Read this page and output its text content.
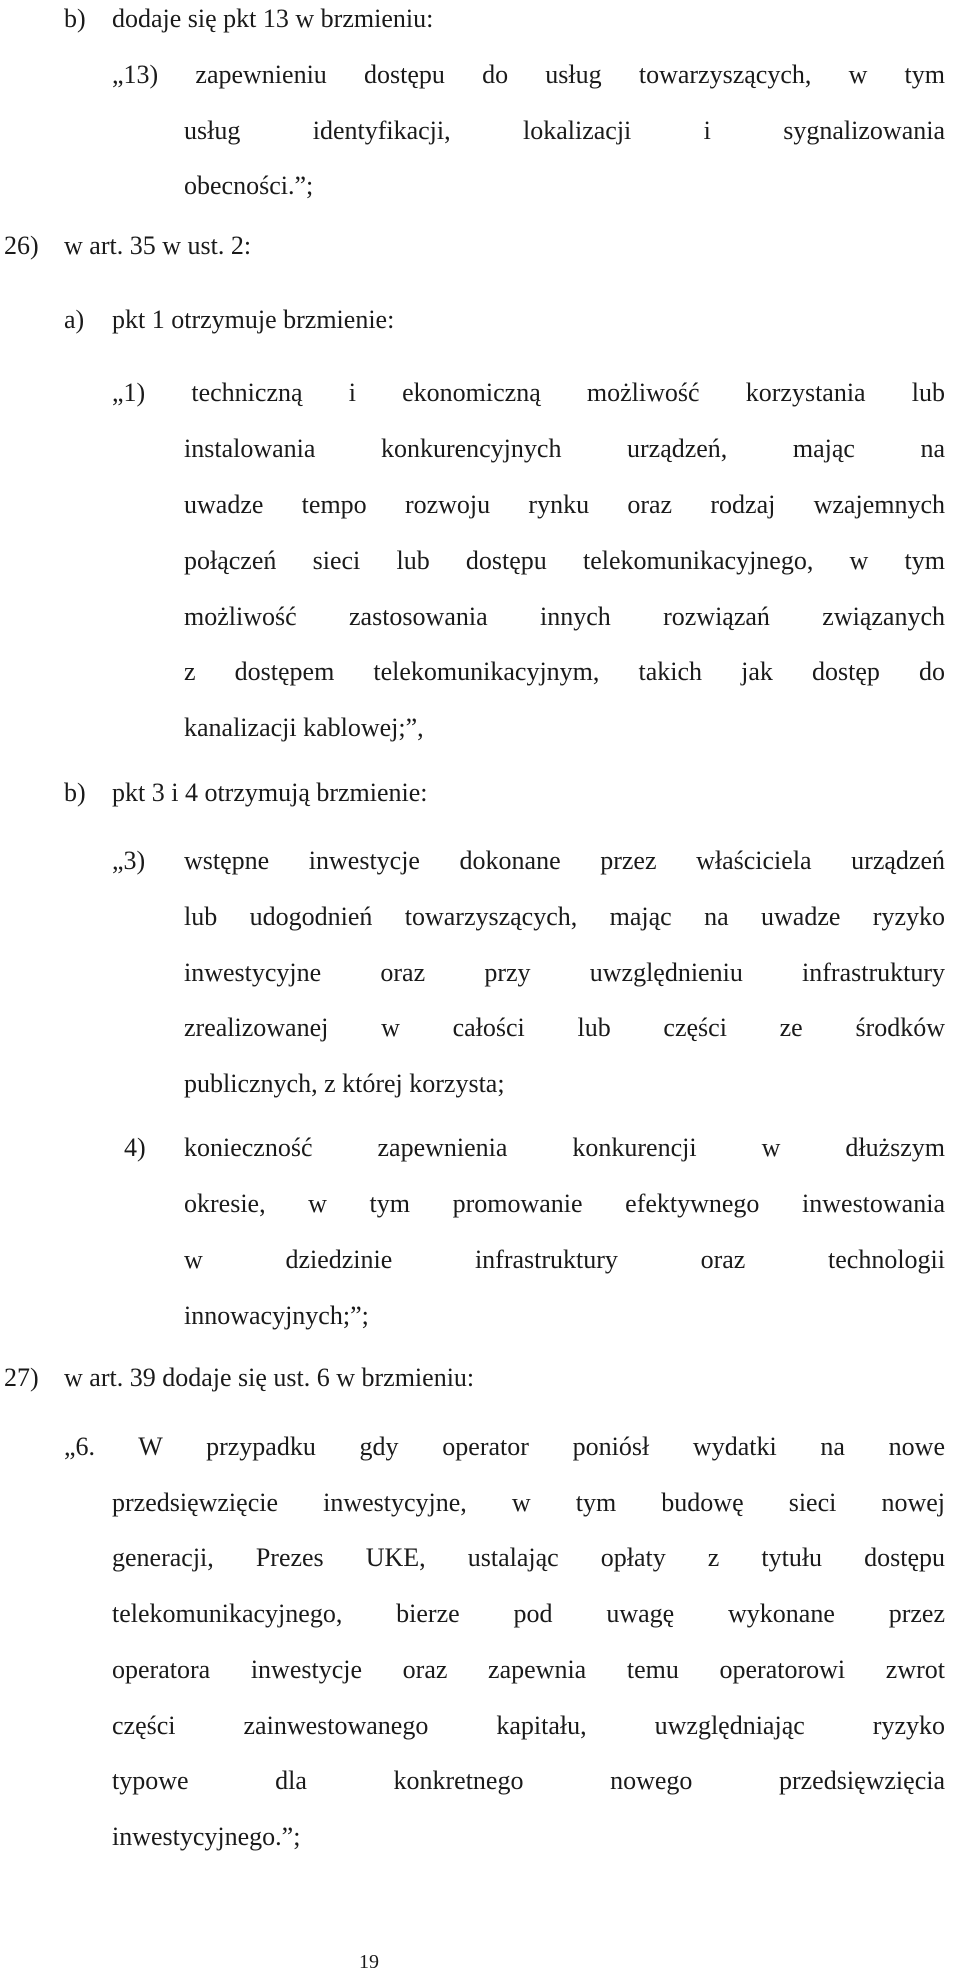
b) dodaje się pkt 13 w brzmieniu:
„13) zapewnieniu dostępu do usług towarzyszących, w tym
usług identyfikacji, lokalizacji i sygnalizowania
obecności.”;
26) w art. 35 w ust. 2:
a) pkt 1 otrzymuje brzmienie:
„1) techniczną i ekonomiczną możliwość korzystania lub
instalowania konkurencyjnych urządzeń, mając na
uwadze tempo rozwoju rynku oraz rodzaj wzajemnych
połączeń sieci lub dostępu telekomunikacyjnego, w tym
możliwość zastosowania innych rozwiązań związanych
z dostępem telekomunikacyjnym, takich jak dostęp do
kanalizacji kablowej;”,
b) pkt 3 i 4 otrzymują brzmienie:
„3) wstępne inwestycje dokonane przez właściciela urządzeń
lub udogodnień towarzyszących, mając na uwadze ryzyko
inwestycyjne oraz przy uwzględnieniu infrastruktury
zrealizowanej w całości lub części ze środków
publicznych, z której korzysta;
4) konieczność zapewnienia konkurencji w dłuższym
okresie, w tym promowanie efektywnego inwestowania
w dziedzinie infrastruktury oraz technologii
innowacyjnych;”;
27) w art. 39 dodaje się ust. 6 w brzmieniu:
„6. W przypadku gdy operator poniósł wydatki na nowe
przedsięwzięcie inwestycyjne, w tym budowę sieci nowej
generacji, Prezes UKE, ustalając opłaty z tytułu dostępu
telekomunikacyjnego, bierze pod uwagę wykonane przez
operatora inwestycje oraz zapewnia temu operatorowi zwrot
części zainwestowanego kapitału, uwzględniając ryzyko
typowe dla konkretnego nowego przedsięwzięcia
inwestycyjnego.”;
19
